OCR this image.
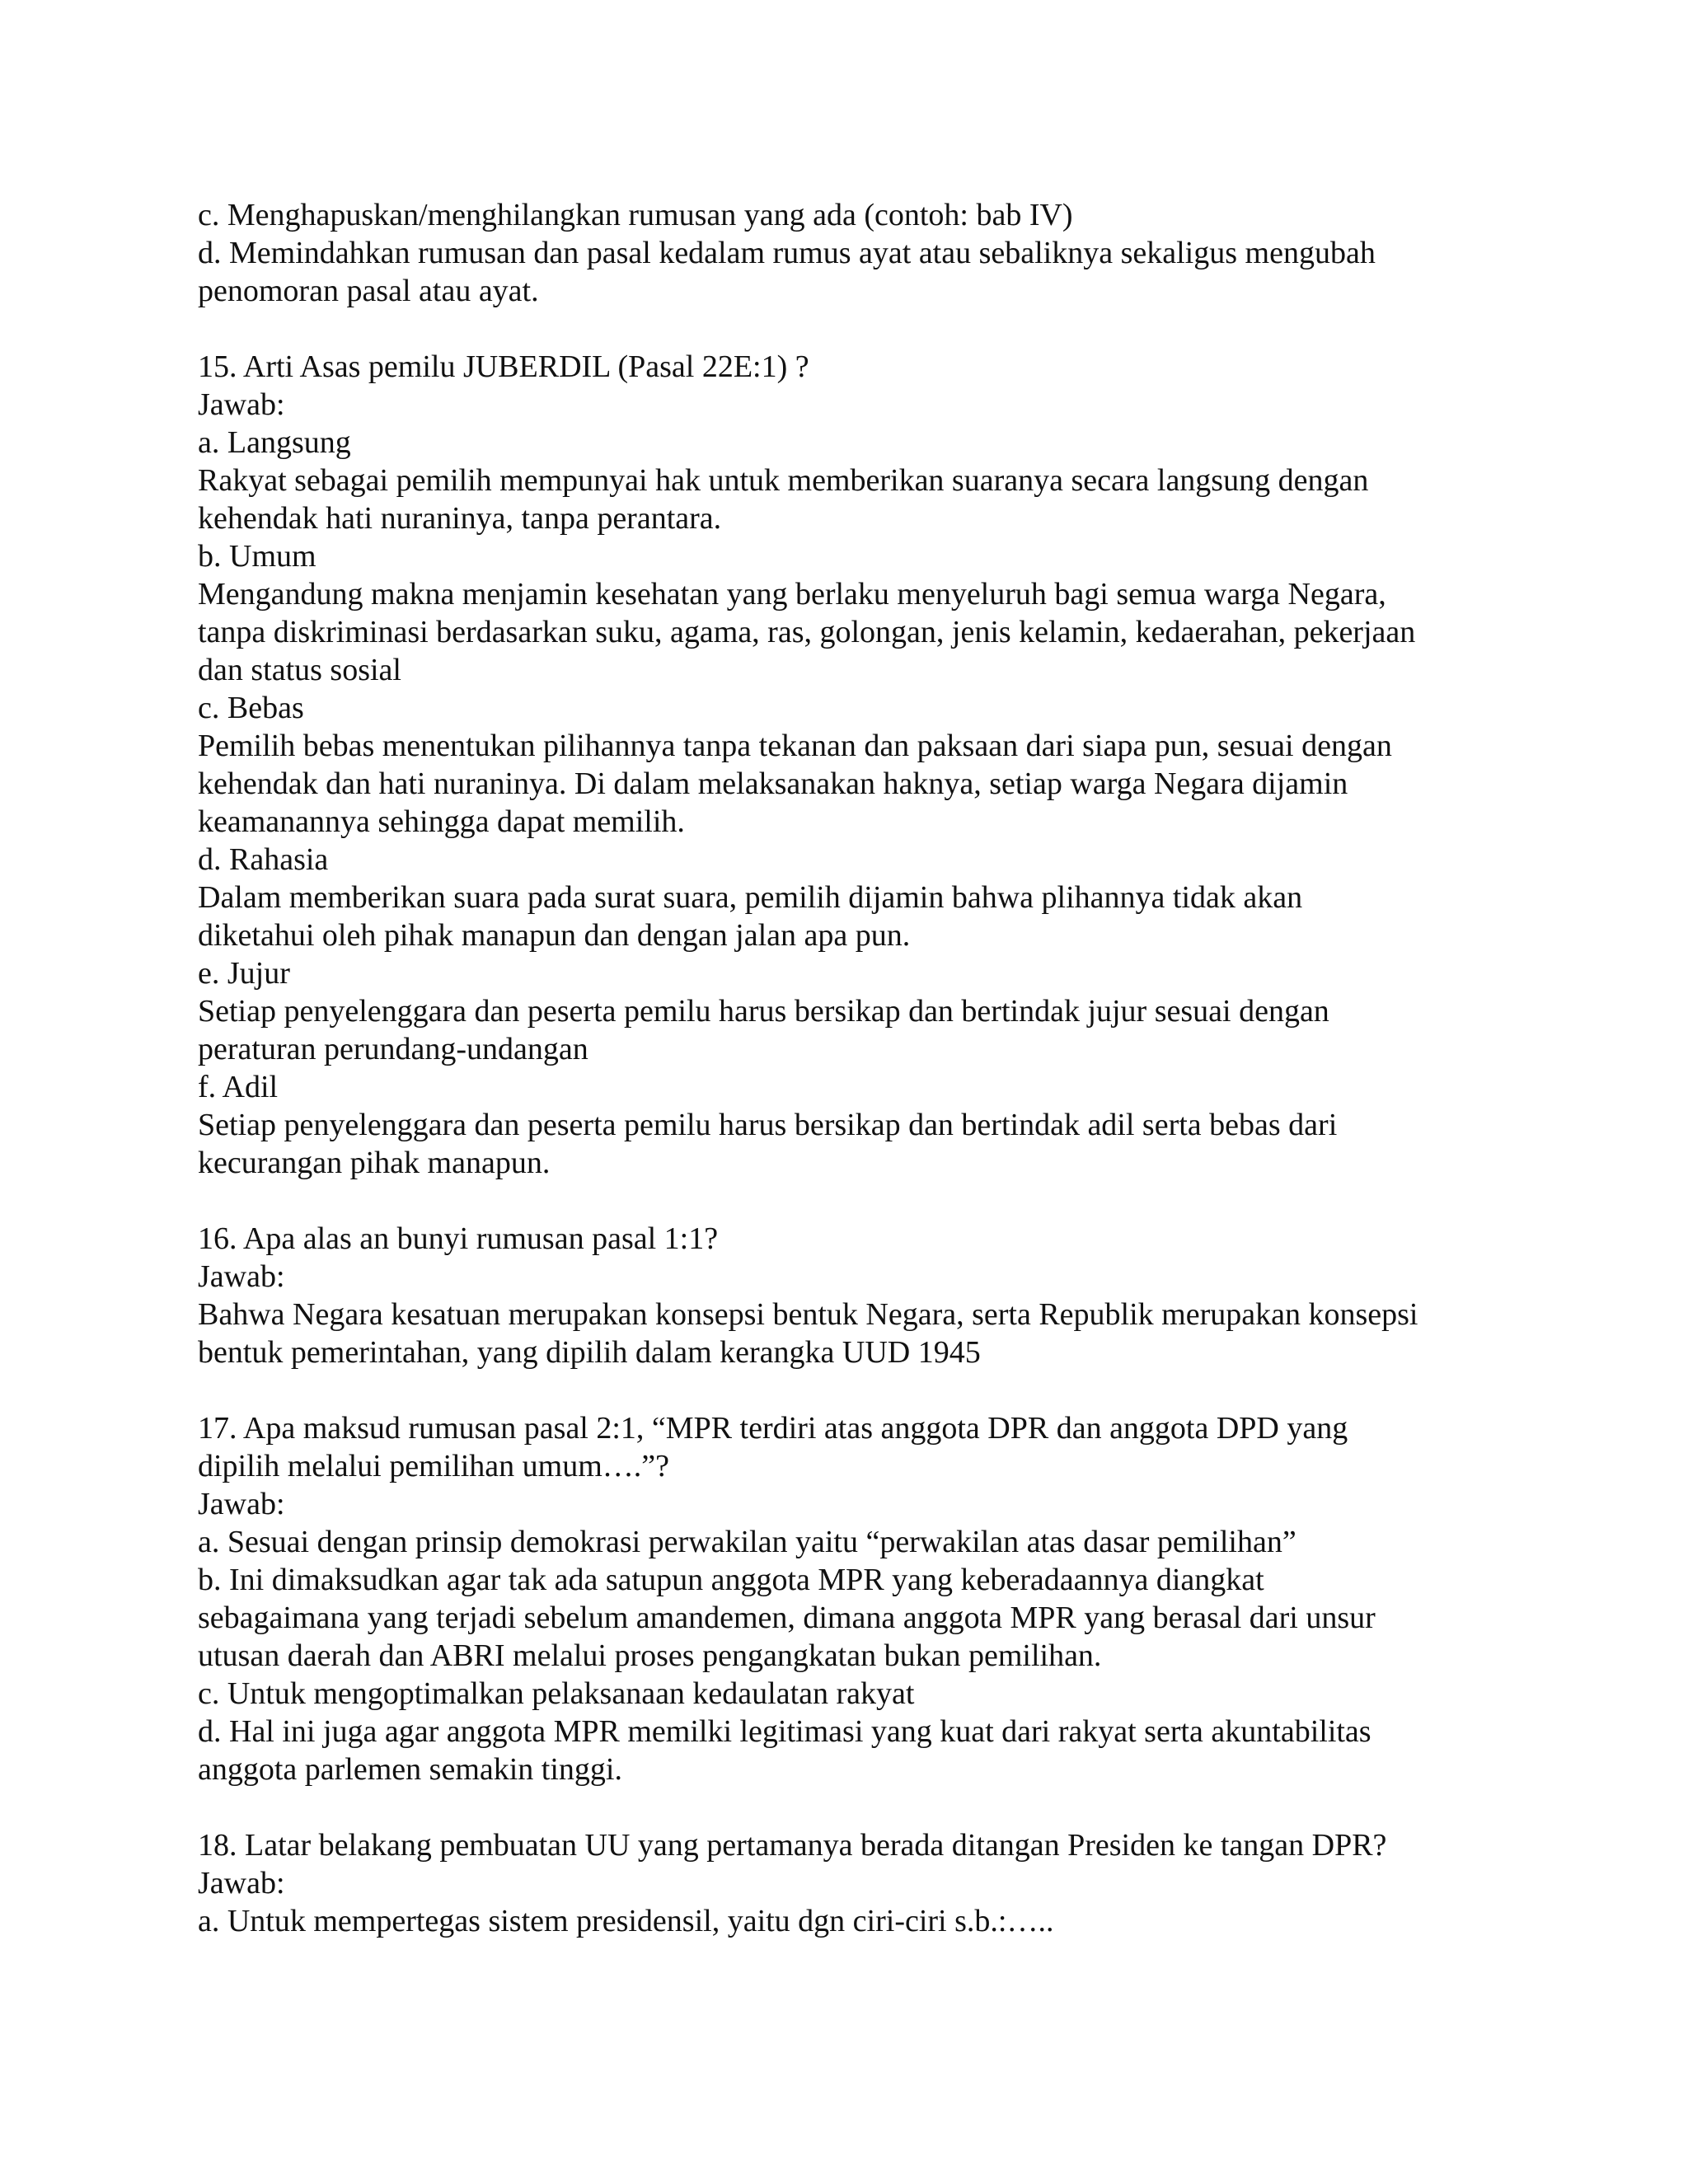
c. Menghapuskan/menghilangkan rumusan yang ada (contoh: bab IV)
d. Memindahkan rumusan dan pasal kedalam rumus ayat atau sebaliknya sekaligus mengubah
penomoran pasal atau ayat.
15. Arti Asas pemilu JUBERDIL (Pasal 22E:1) ?
Jawab:
a. Langsung
Rakyat sebagai pemilih mempunyai hak untuk memberikan suaranya secara langsung dengan
kehendak hati nuraninya, tanpa perantara.
b. Umum
Mengandung makna menjamin kesehatan yang berlaku menyeluruh bagi semua warga Negara,
tanpa diskriminasi berdasarkan suku, agama, ras, golongan, jenis kelamin, kedaerahan, pekerjaan
dan status sosial
c. Bebas
Pemilih bebas menentukan pilihannya tanpa tekanan dan paksaan dari siapa pun, sesuai dengan
kehendak dan hati nuraninya. Di dalam melaksanakan haknya, setiap warga Negara dijamin
keamanannya sehingga dapat memilih.
d. Rahasia
Dalam memberikan suara pada surat suara, pemilih dijamin bahwa plihannya tidak akan
diketahui oleh pihak manapun dan dengan jalan apa pun.
e. Jujur
Setiap penyelenggara dan peserta pemilu harus bersikap dan bertindak jujur sesuai dengan
peraturan perundang-undangan
f. Adil
Setiap penyelenggara dan peserta pemilu harus bersikap dan bertindak adil serta bebas dari
kecurangan pihak manapun.
16. Apa alas an bunyi rumusan pasal 1:1?
Jawab:
Bahwa Negara kesatuan merupakan konsepsi bentuk Negara, serta Republik merupakan konsepsi
bentuk pemerintahan, yang dipilih dalam kerangka UUD 1945
17. Apa maksud rumusan pasal 2:1, “MPR terdiri atas anggota DPR dan anggota DPD yang
dipilih melalui pemilihan umum….”?
Jawab:
a. Sesuai dengan prinsip demokrasi perwakilan yaitu “perwakilan atas dasar pemilihan”
b. Ini dimaksudkan agar tak ada satupun anggota MPR yang keberadaannya diangkat
sebagaimana yang terjadi sebelum amandemen, dimana anggota MPR yang berasal dari unsur
utusan daerah dan ABRI melalui proses pengangkatan bukan pemilihan.
c. Untuk mengoptimalkan pelaksanaan kedaulatan rakyat
d. Hal ini juga agar anggota MPR memilki legitimasi yang kuat dari rakyat serta akuntabilitas
anggota parlemen semakin tinggi.
18. Latar belakang pembuatan UU yang pertamanya berada ditangan Presiden ke tangan DPR?
Jawab:
a. Untuk mempertegas sistem presidensil, yaitu dgn ciri-ciri s.b.:…..
